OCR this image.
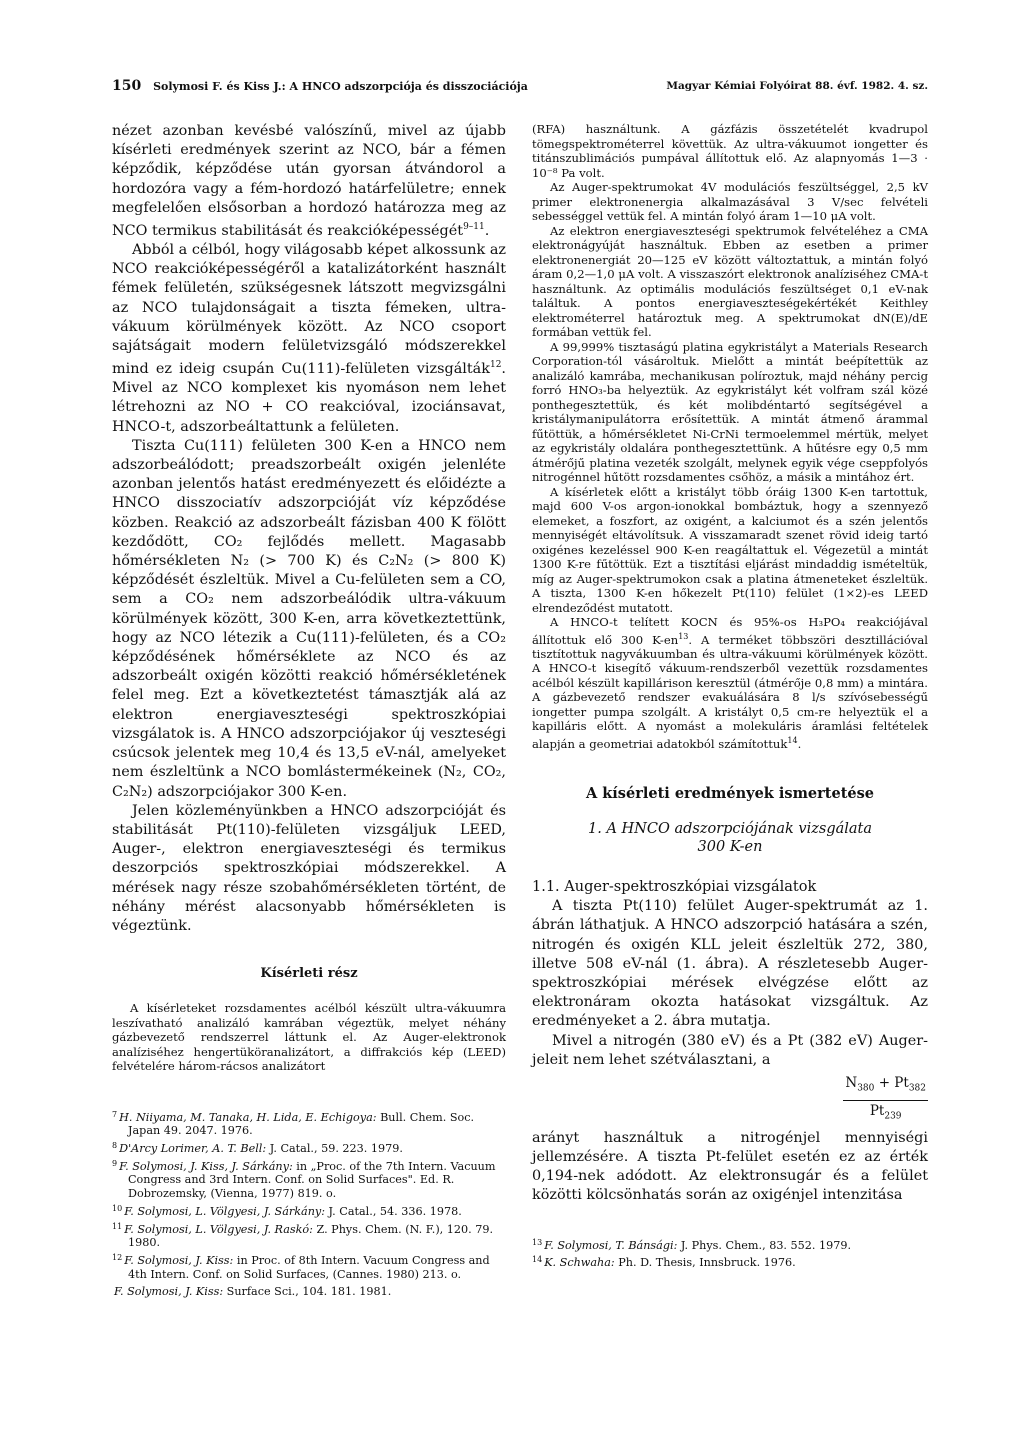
150 Solymosi F. és Kiss J.: A HNCO adszorpciója és disszociációja	Magyar Kémiai Folyóirat 88. évf. 1982. 4. sz.

nézet azonban kevésbé valószínű, mivel az újabb kísérleti eredmények szerint az NCO, bár a fémen képződik, képződése után gyorsan átvándorol a hordozóra vagy a fém-hordozó határfelületre; ennek megfelelően elsősorban a hordozó határozza meg az NCO termikus stabilitását és reakcióképességét$^{9-11}$.

Abból a célból, hogy világosabb képet alkossunk az NCO reakcióképességéről a katalizátorként használt fémek felületén, szükségesnek látszott megvizsgálni az NCO tulajdonságait a tiszta fémeken, ultra-vákuum körülmények között. Az NCO csoport sajátságait modern felületvizsgáló módszerekkel mind ez ideig csupán Cu(111)-felületen vizsgálták$^{12}$. Mivel az NCO komplexet kis nyomáson nem lehet létrehozni az NO + CO reakcióval, izociánsavat, HNCO-t, adszorbeáltattunk a felületen.

Tiszta Cu(111) felületen 300 K-en a HNCO nem adszorbeálódott; preadszorbeált oxigén jelenléte azonban jelentős hatást eredményezett és előidézte a HNCO disszociatív adszorpcióját víz képződése közben. Reakció az adszorbeált fázisban 400 K fölött kezdődött, CO₂ fejlődés mellett. Magasabb hőmérsékleten N₂ (> 700 K) és C₂N₂ (> 800 K) képződését észleltük. Mivel a Cu-felületen sem a CO, sem a CO₂ nem adszorbeálódik ultra-vákuum körülmények között, 300 K-en, arra következtettünk, hogy az NCO létezik a Cu(111)-felületen, és a CO₂ képződésének hőmérséklete az NCO és az adszorbeált oxigén közötti reakció hőmérsékletének felel meg. Ezt a következtetést támasztják alá az elektron energiaveszteségi spektroszkópiai vizsgálatok is. A HNCO adszorpciójakor új veszteségi csúcsok jelentek meg 10,4 és 13,5 eV-nál, amelyeket nem észleltünk a NCO bomlástermékeinek (N₂, CO₂, C₂N₂) adszorpciójakor 300 K-en.

Jelen közleményünkben a HNCO adszorpcióját és stabilitását Pt(110)-felületen vizsgáljuk LEED, Auger-, elektron energiaveszteségi és termikus deszorpciós spektroszkópiai módszerekkel. A mérések nagy része szobahőmérsékleten történt, de néhány mérést alacsonyabb hőmérsékleten is végeztünk.

Kísérleti rész

A kísérleteket rozsdamentes acélból készült ultra-vákuumra leszívatható analizáló kamrában végeztük, melyet néhány gázbevezető rendszerrel láttunk el. Az Auger-elektronok analíziséhez hengertüköranalizátort, a diffrakciós kép (LEED) felvételére három-rácsos analizátort

$^7$ H. Niiyama, M. Tanaka, H. Lida, E. Echigoya: Bull. Chem. Soc. Japan 49. 2047. 1976.

$^8$ D'Arcy Lorimer, A. T. Bell: J. Catal., 59. 223. 1979.

$^9$ F. Solymosi, J. Kiss, J. Sárkány: in „Proc. of the 7th Intern. Vacuum Congress and 3rd Intern. Conf. on Solid Surfaces". Ed. R. Dobrozemsky, (Vienna, 1977) 819. o.

$^{10}$ F. Solymosi, L. Völgyesi, J. Sárkány: J. Catal., 54. 336. 1978.

$^{11}$ F. Solymosi, L. Völgyesi, J. Raskó: Z. Phys. Chem. (N. F.), 120. 79. 1980.

$^{12}$ F. Solymosi, J. Kiss: in Proc. of 8th Intern. Vacuum Congress and 4th Intern. Conf. on Solid Surfaces, (Cannes. 1980) 213. o.

F. Solymosi, J. Kiss: Surface Sci., 104. 181. 1981.

(RFA) használtunk. A gázfázis összetételét kvadrupol tömegspektrométerrel követtük. Az ultra-vákuumot iongetter és titánszublimációs pumpával állítottuk elő. Az alapnyomás 1—3 · 10⁻⁸ Pa volt.

Az Auger-spektrumokat 4V modulációs feszültséggel, 2,5 kV primer elektronenergia alkalmazásával 3 V/sec felvételi sebességgel vettük fel. A mintán folyó áram 1—10 μA volt.

Az elektron energiaveszteségi spektrumok felvételéhez a CMA elektronágyúját használtuk. Ebben az esetben a primer elektronenergiát 20—125 eV között változtattuk, a mintán folyó áram 0,2—1,0 μA volt. A visszaszórt elektronok analíziséhez CMA-t használtunk. Az optimális modulációs feszültséget 0,1 eV-nak találtuk. A pontos energiaveszteségekértékét Keithley elektrométerrel határoztuk meg. A spektrumokat dN(E)/dE formában vettük fel.

A 99,999% tisztaságú platina egykristályt a Materials Research Corporation-tól vásároltuk. Mielőtt a mintát beépítettük az analizáló kamrába, mechanikusan políroztuk, majd néhány percig forró HNO₃-ba helyeztük. Az egykristályt két volfram szál közé ponthegesztettük, és két molibdéntartó segítségével a kristálymanipulátorra erősítettük. A mintát átmenő árammal fűtöttük, a hőmérsékletet Ni-CrNi termoelemmel mértük, melyet az egykristály oldalára ponthegesztettünk. A hűtésre egy 0,5 mm átmérőjű platina vezeték szolgált, melynek egyik vége cseppfolyós nitrogénnel hűtött rozsdamentes csőhöz, a másik a mintához ért.

A kísérletek előtt a kristályt több óráig 1300 K-en tartottuk, majd 600 V-os argon-ionokkal bombáztuk, hogy a szennyező elemeket, a foszfort, az oxigént, a kalciumot és a szén jelentős mennyiségét eltávolítsuk. A visszamaradt szenet rövid ideig tartó oxigénes kezeléssel 900 K-en reagáltattuk el. Végezetül a mintát 1300 K-re fűtöttük. Ezt a tisztítási eljárást mindaddig ismételtük, míg az Auger-spektrumokon csak a platina átmeneteket észleltük. A tiszta, 1300 K-en hőkezelt Pt(110) felület (1×2)-es LEED elrendeződést mutatott.

A HNCO-t telített KOCN és 95%-os H₃PO₄ reakciójával állítottuk elő 300 $K-en^{13}$. A terméket többszöri desztillációval tisztítottuk nagyvákuumban és ultra-vákuumi körülmények között. A HNCO-t kisegítő vákuum-rendszerből vezettük rozsdamentes acélból készült kapillárison keresztül (átmérője 0,8 mm) a mintára. A gázbevezető rendszer evakuálására 8 l/s szívósebességű iongetter pumpa szolgált. A kristályt 0,5 cm-re helyeztük el a kapilláris előtt. A nyomást a molekuláris áramlási feltételek alapján a geometriai adatokból számítottuk$^{14}$.

A kísérleti eredmények ismertetése

1. A HNCO adszorpciójának vizsgálata
300 K-en

1.1. Auger-spektroszkópiai vizsgálatok

A tiszta Pt(110) felület Auger-spektrumát az 1. ábrán láthatjuk. A HNCO adszorpció hatására a szén, nitrogén és oxigén KLL jeleit észleltük 272, 380, illetve 508 eV-nál (1. ábra). A részletesebb Auger-spektroszkópiai mérések elvégzése előtt az elektronáram okozta hatásokat vizsgáltuk. Az eredményeket a 2. ábra mutatja.

Mivel a nitrogén (380 eV) és a Pt (382 eV) Auger-jeleit nem lehet szétválasztani, a

$\frac{N_{380} + Pt_{382}}{Pt_{239}}$

arányt használtuk a nitrogénjel mennyiségi jellemzésére. A tiszta Pt-felület esetén ez az érték 0,194-nek adódott. Az elektronsugár és a felület közötti kölcsönhatás során az oxigénjel intenzitása

$^{13}$ F. Solymosi, T. Bánsági: J. Phys. Chem., 83. 552. 1979.

$^{14}$ K. Schwaha: Ph. D. Thesis, Innsbruck. 1976.
